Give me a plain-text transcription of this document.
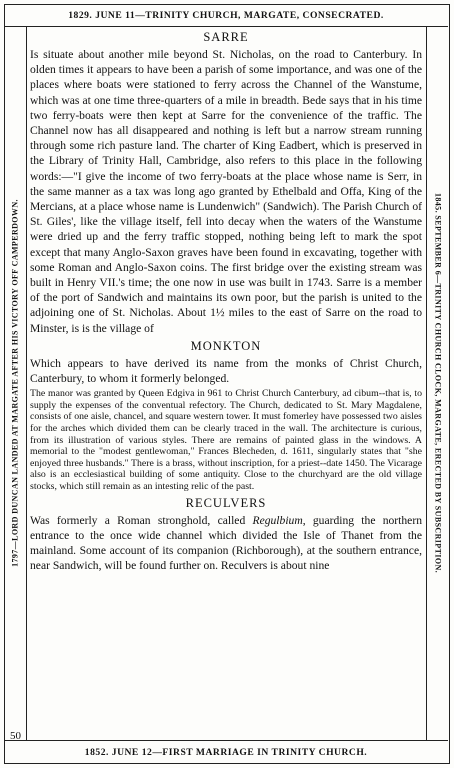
1829. JUNE 11—TRINITY CHURCH, MARGATE, CONSECRATED.
1797—LORD DUNCAN LANDED AT MARGATE AFTER HIS VICTORY OFF CAMPERDOWN.	1845. SEPTEMBER 6—TRINITY CHURCH CLOCK, MARGATE, ERECTED BY SUBSCRIPTION.
SARRE

Is situate about another mile beyond St. Nicholas, on the road to Canterbury. In olden times it appears to have been a parish of some importance, and was one of the places where boats were stationed to ferry across the Channel of the Wanstume, which was at one time three-quarters of a mile in breadth. Bede says that in his time two ferry-boats were then kept at Sarre for the convenience of the traffic. The Channel now has all disappeared and nothing is left but a narrow stream running through some rich pasture land. The charter of King Eadbert, which is preserved in the Library of Trinity Hall, Cambridge, also refers to this place in the following words:—"I give the income of two ferry-boats at the place whose name is Serr, in the same manner as a tax was long ago granted by Ethelbald and Offa, King of the Mercians, at a place whose name is Lundenwich" (Sandwich). The Parish Church of St. Giles', like the village itself, fell into decay when the waters of the Wanstume were dried up and the ferry traffic stopped, nothing being left to mark the spot except that many Anglo-Saxon graves have been found in excavating, together with some Roman and Anglo-Saxon coins. The first bridge over the existing stream was built in Henry VII.'s time; the one now in use was built in 1743. Sarre is a member of the port of Sandwich and maintains its own poor, but the parish is united to the adjoining one of St. Nicholas. About 1½ miles to the east of Sarre on the road to Minster, is is the village of

MONKTON

Which appears to have derived its name from the monks of Christ Church, Canterbury, to whom it formerly belonged.

The manor was granted by Queen Edgiva in 961 to Christ Church Canterbury, ad cibum--that is, to supply the expenses of the conventual refectory. The Church, dedicated to St. Mary Magdalene, consists of one aisle, chancel, and square western tower. It must fomerley have possessed two aisles for the arches which divided them can be clearly traced in the wall. The architecture is curious, from its illustration of various styles. There are remains of painted glass in the windows. A memorial to the "modest gentlewoman," Frances Blecheden, d. 1611, singularly states that "she enjoyed three husbands." There is a brass, without inscription, for a priest--date 1450. The Vicarage also is an ecclesiastical building of some antiquity. Close to the churchyard are the old village stocks, which still remain as an intesting relic of the past.

RECULVERS

Was formerly a Roman stronghold, called Regulbium, guarding the northern entrance to the once wide channel which divided the Isle of Thanet from the mainland. Some account of its companion (Richborough), at the southern entrance, near Sandwich, will be found further on. Reculvers is about nine

50
1852. JUNE 12—FIRST MARRIAGE IN TRINITY CHURCH.
